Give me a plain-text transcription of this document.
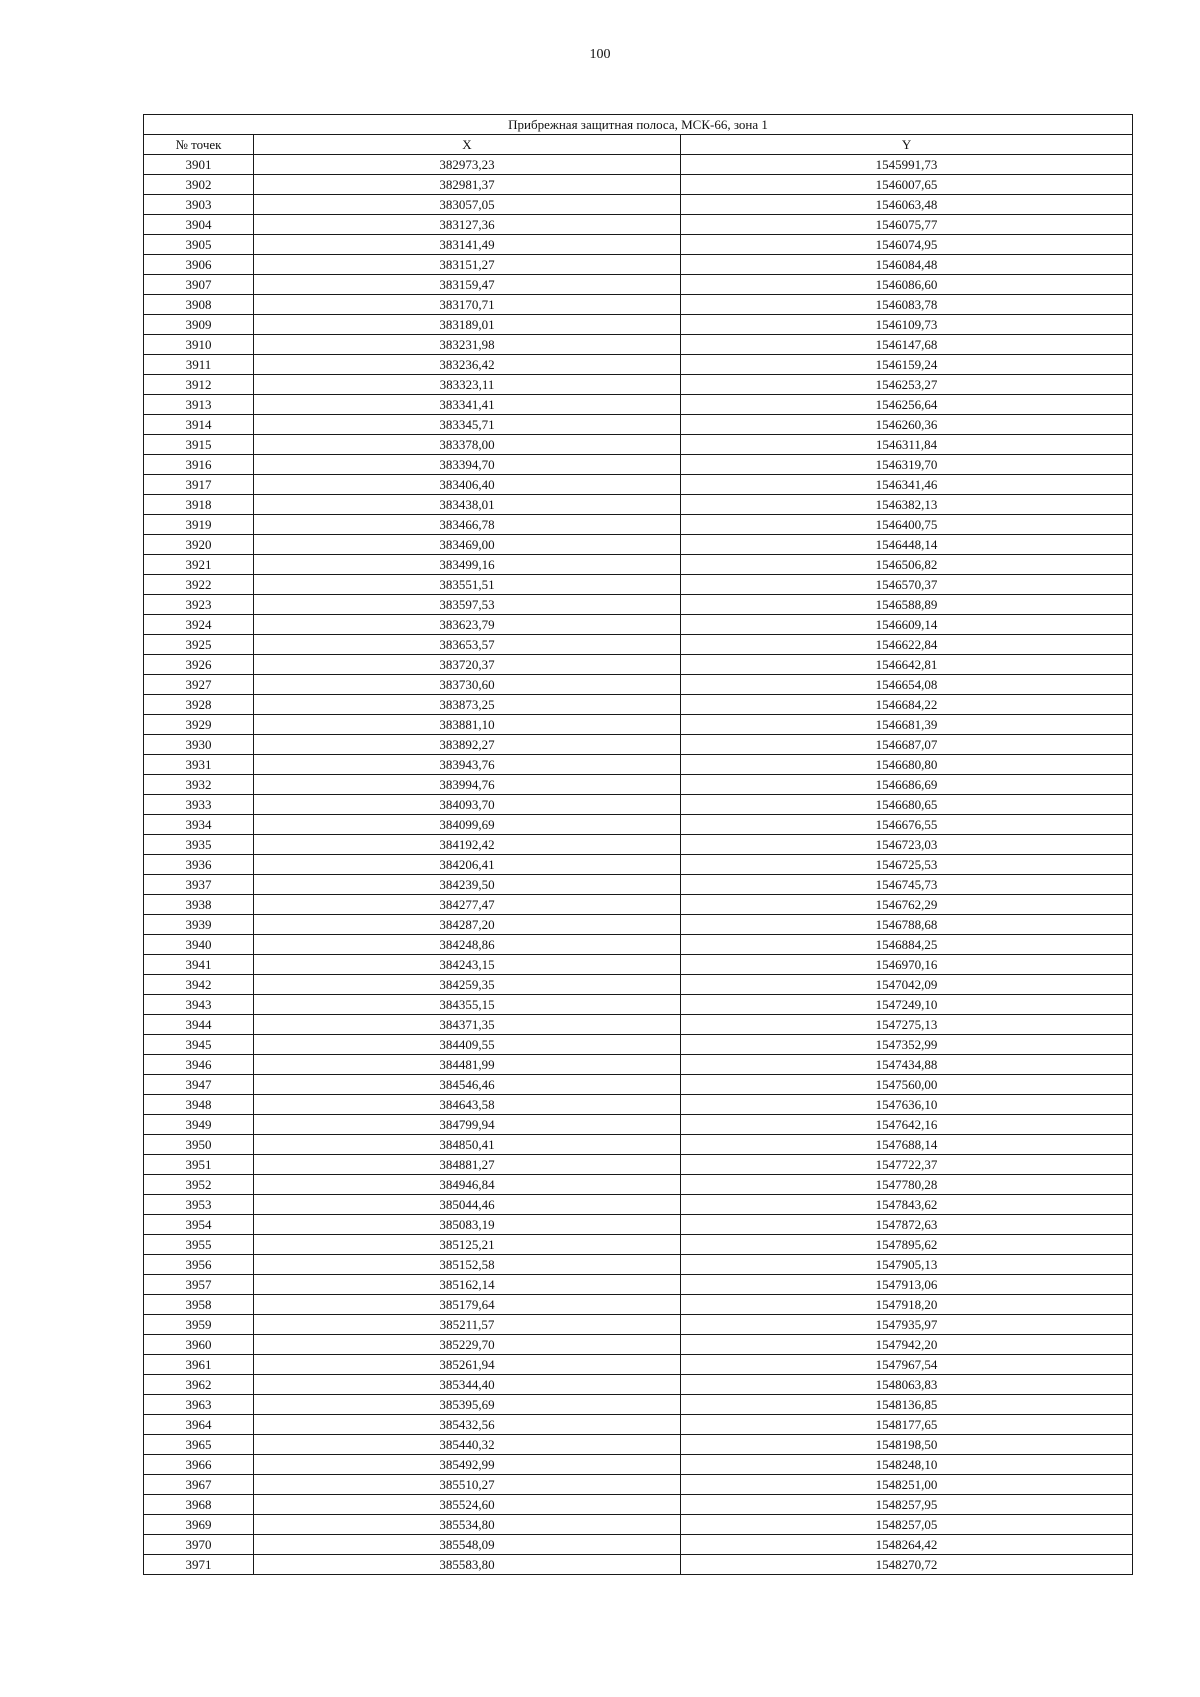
100
Прибрежная защитная полоса, МСК-66, зона 1		
№ точек	X	Y
3901	382973,23	1545991,73
3902	382981,37	1546007,65
3903	383057,05	1546063,48
3904	383127,36	1546075,77
3905	383141,49	1546074,95
3906	383151,27	1546084,48
3907	383159,47	1546086,60
3908	383170,71	1546083,78
3909	383189,01	1546109,73
3910	383231,98	1546147,68
3911	383236,42	1546159,24
3912	383323,11	1546253,27
3913	383341,41	1546256,64
3914	383345,71	1546260,36
3915	383378,00	1546311,84
3916	383394,70	1546319,70
3917	383406,40	1546341,46
3918	383438,01	1546382,13
3919	383466,78	1546400,75
3920	383469,00	1546448,14
3921	383499,16	1546506,82
3922	383551,51	1546570,37
3923	383597,53	1546588,89
3924	383623,79	1546609,14
3925	383653,57	1546622,84
3926	383720,37	1546642,81
3927	383730,60	1546654,08
3928	383873,25	1546684,22
3929	383881,10	1546681,39
3930	383892,27	1546687,07
3931	383943,76	1546680,80
3932	383994,76	1546686,69
3933	384093,70	1546680,65
3934	384099,69	1546676,55
3935	384192,42	1546723,03
3936	384206,41	1546725,53
3937	384239,50	1546745,73
3938	384277,47	1546762,29
3939	384287,20	1546788,68
3940	384248,86	1546884,25
3941	384243,15	1546970,16
3942	384259,35	1547042,09
3943	384355,15	1547249,10
3944	384371,35	1547275,13
3945	384409,55	1547352,99
3946	384481,99	1547434,88
3947	384546,46	1547560,00
3948	384643,58	1547636,10
3949	384799,94	1547642,16
3950	384850,41	1547688,14
3951	384881,27	1547722,37
3952	384946,84	1547780,28
3953	385044,46	1547843,62
3954	385083,19	1547872,63
3955	385125,21	1547895,62
3956	385152,58	1547905,13
3957	385162,14	1547913,06
3958	385179,64	1547918,20
3959	385211,57	1547935,97
3960	385229,70	1547942,20
3961	385261,94	1547967,54
3962	385344,40	1548063,83
3963	385395,69	1548136,85
3964	385432,56	1548177,65
3965	385440,32	1548198,50
3966	385492,99	1548248,10
3967	385510,27	1548251,00
3968	385524,60	1548257,95
3969	385534,80	1548257,05
3970	385548,09	1548264,42
3971	385583,80	1548270,72
